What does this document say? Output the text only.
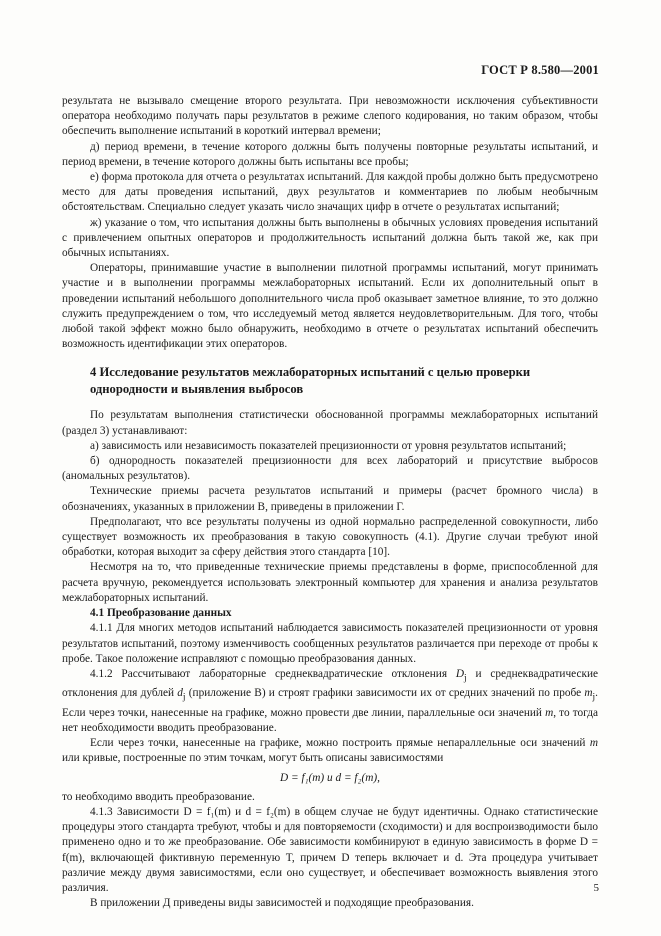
ГОСТ Р 8.580—2001

результата не вызывало смещение второго результата. При невозможности исключения субъективности оператора необходимо получать пары результатов в режиме слепого кодирования, но таким образом, чтобы обеспечить выполнение испытаний в короткий интервал времени;

д) период времени, в течение которого должны быть получены повторные результаты испытаний, и период времени, в течение которого должны быть испытаны все пробы;

е) форма протокола для отчета о результатах испытаний. Для каждой пробы должно быть предусмотрено место для даты проведения испытаний, двух результатов и комментариев по любым необычным обстоятельствам. Специально следует указать число значащих цифр в отчете о результатах испытаний;

ж) указание о том, что испытания должны быть выполнены в обычных условиях проведения испытаний с привлечением опытных операторов и продолжительность испытаний должна быть такой же, как при обычных испытаниях.

Операторы, принимавшие участие в выполнении пилотной программы испытаний, могут принимать участие и в выполнении программы межлабораторных испытаний. Если их дополнительный опыт в проведении испытаний небольшого дополнительного числа проб оказывает заметное влияние, то это должно служить предупреждением о том, что исследуемый метод является неудовлетворительным. Для того, чтобы любой такой эффект можно было обнаружить, необходимо в отчете о результатах испытаний обеспечить возможность идентификации этих операторов.

4 Исследование результатов межлабораторных испытаний с целью проверки однородности и выявления выбросов

По результатам выполнения статистически обоснованной программы межлабораторных испытаний (раздел 3) устанавливают:

а) зависимость или независимость показателей прецизионности от уровня результатов испытаний;

б) однородность показателей прецизионности для всех лабораторий и присутствие выбросов (аномальных результатов).

Технические приемы расчета результатов испытаний и примеры (расчет бромного числа) в обозначениях, указанных в приложении В, приведены в приложении Г.

Предполагают, что все результаты получены из одной нормально распределенной совокупности, либо существует возможность их преобразования в такую совокупность (4.1). Другие случаи требуют иной обработки, которая выходит за сферу действия этого стандарта [10].

Несмотря на то, что приведенные технические приемы представлены в форме, приспособленной для расчета вручную, рекомендуется использовать электронный компьютер для хранения и анализа результатов межлабораторных испытаний.

4.1 Преобразование данных

4.1.1 Для многих методов испытаний наблюдается зависимость показателей прецизионности от уровня результатов испытаний, поэтому изменчивость сообщенных результатов различается при переходе от пробы к пробе. Такое положение исправляют с помощью преобразования данных.

4.1.2 Рассчитывают лабораторные среднеквадратические отклонения $D_j$ и среднеквадратические отклонения для дублей $d_j$ (приложение В) и строят графики зависимости их от средних значений по пробе $m_j$. Если через точки, нанесенные на графике, можно провести две линии, параллельные оси значений m, то тогда нет необходимости вводить преобразование.

Если через точки, нанесенные на графике, можно построить прямые непараллельные оси значений m или кривые, построенные по этим точкам, могут быть описаны зависимостями

D = f₁(m) и d = f₂(m),

то необходимо вводить преобразование.

4.1.3 Зависимости D = f₁(m) и d = f₂(m) в общем случае не будут идентичны. Однако статистические процедуры этого стандарта требуют, чтобы и для повторяемости (сходимости) и для воспроизводимости было применено одно и то же преобразование. Обе зависимости комбинируют в единую зависимость в форме D = f(m), включающей фиктивную переменную T, причем D теперь включает и d. Эта процедура учитывает различие между двумя зависимостями, если оно существует, и обеспечивает возможность выявления этого различия.

В приложении Д приведены виды зависимостей и подходящие преобразования.

5
